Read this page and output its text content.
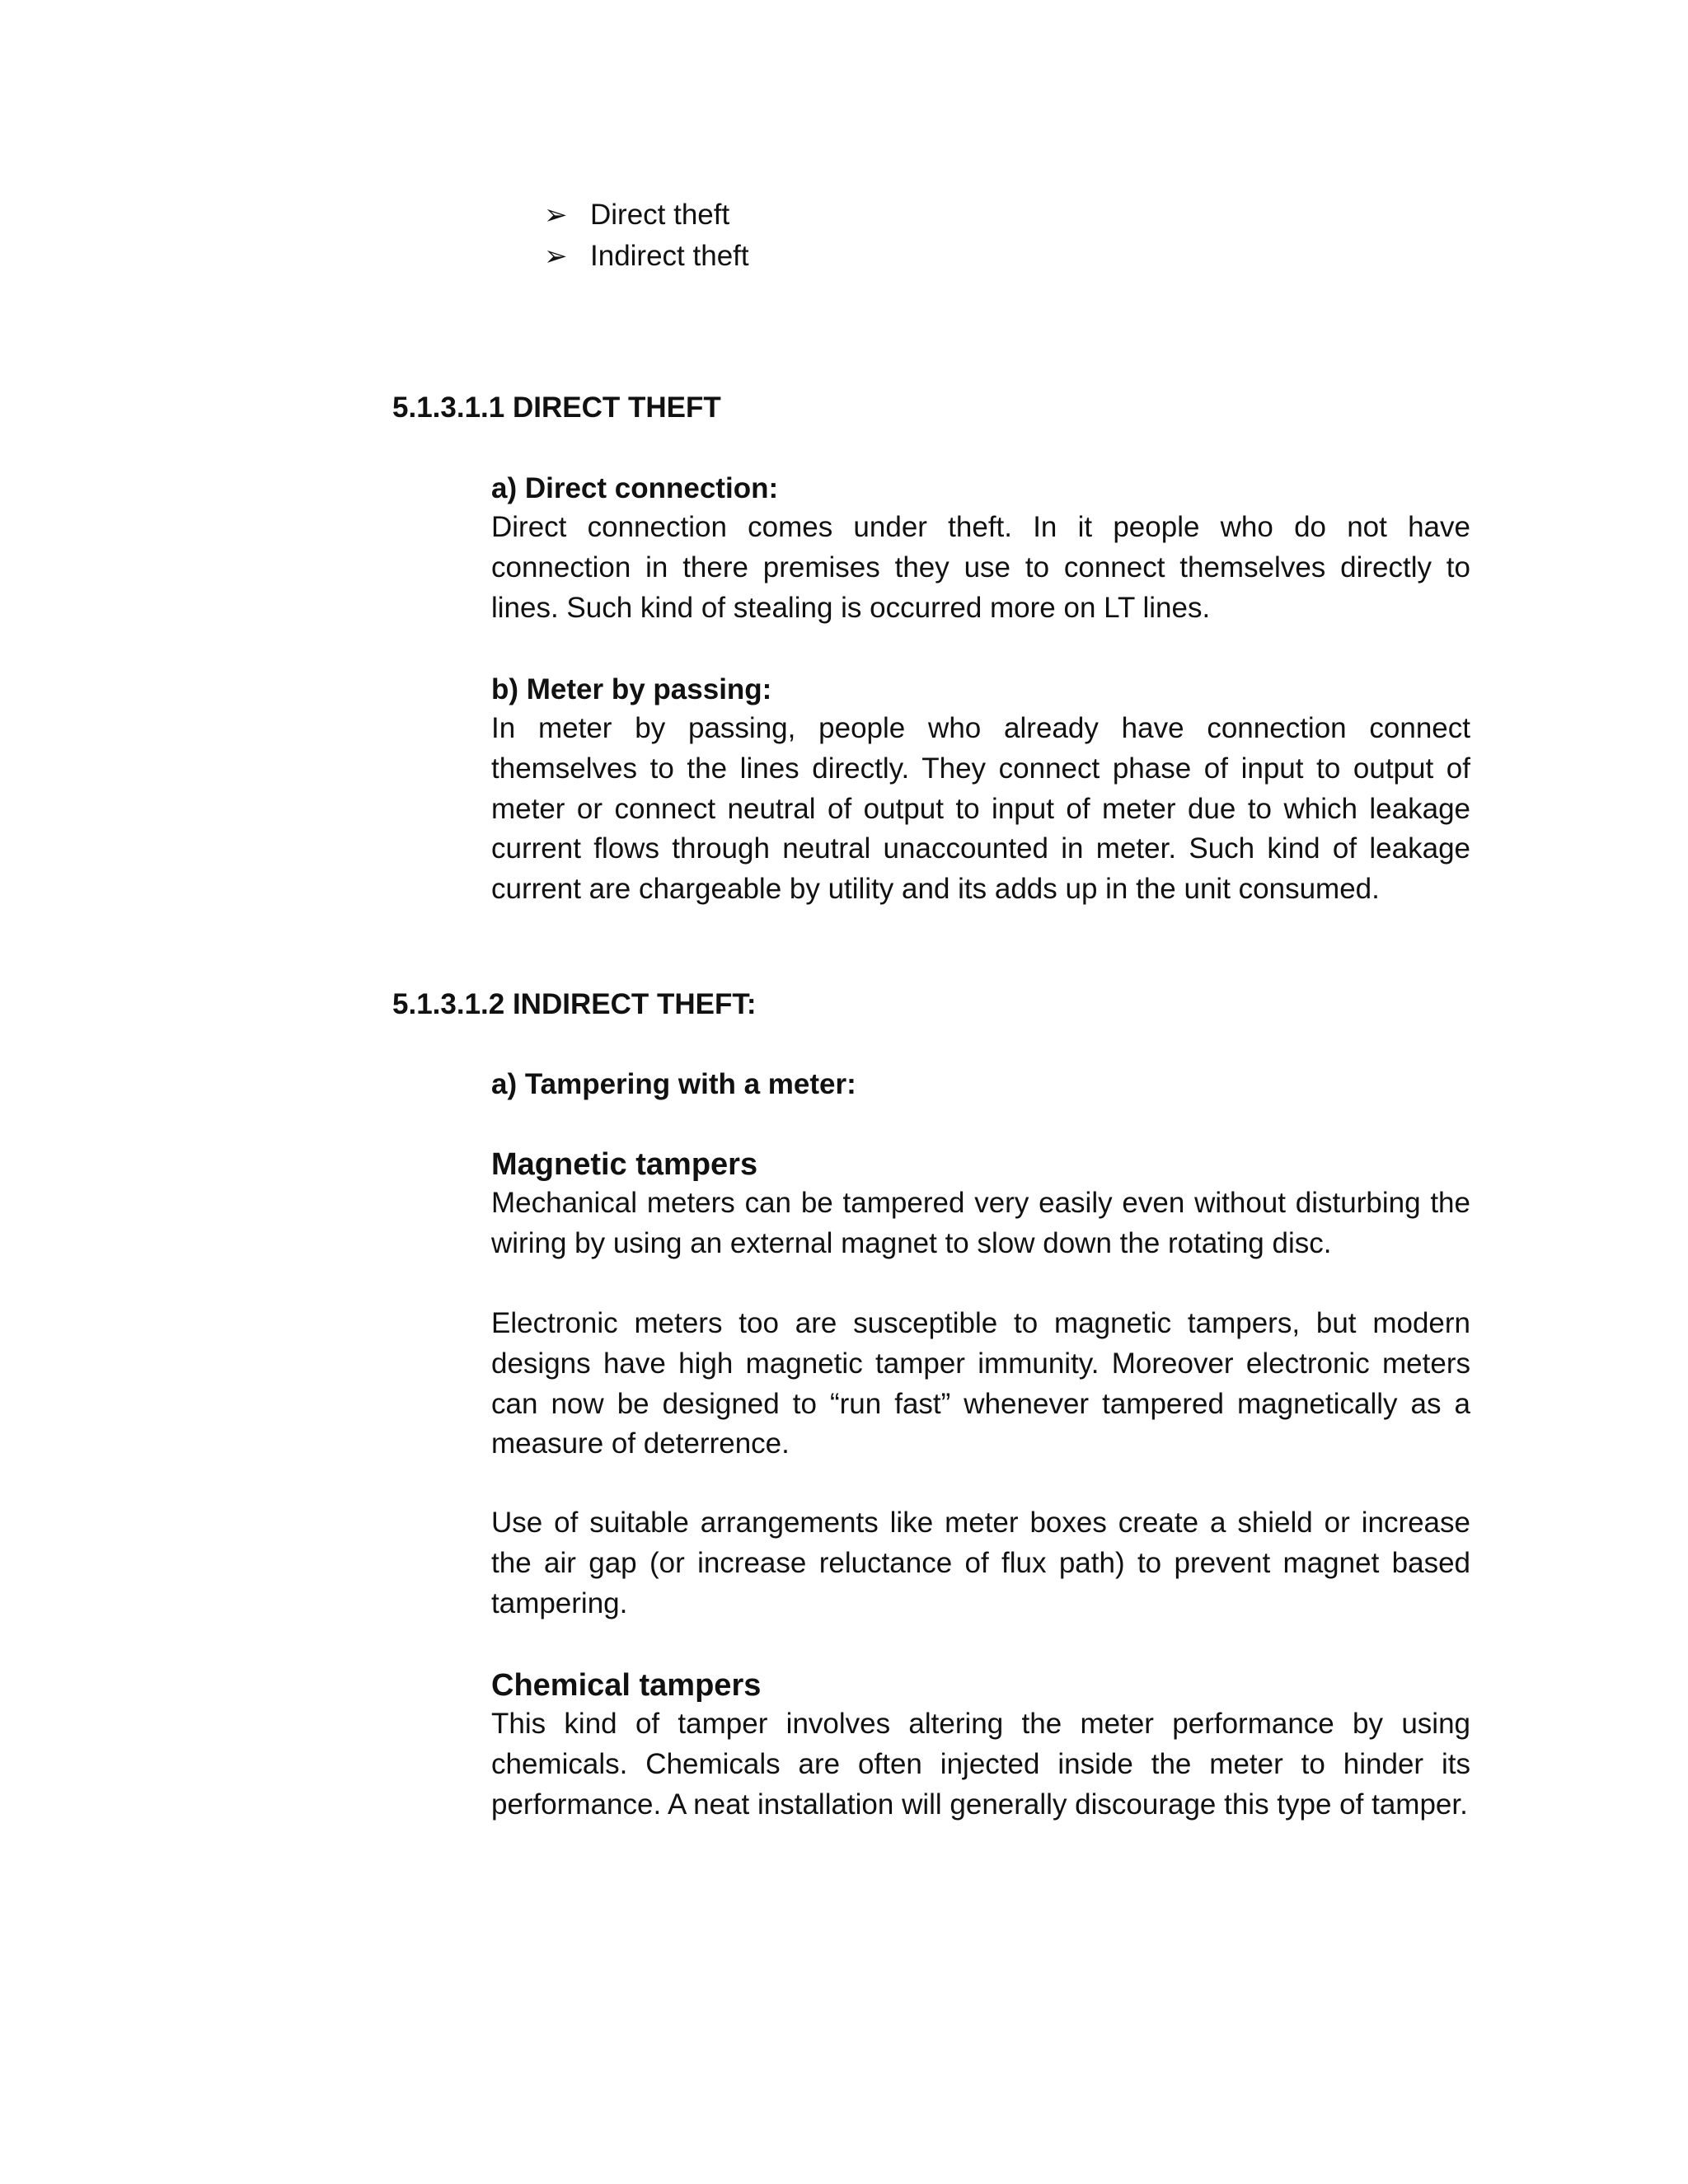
➢ Direct theft
➢ Indirect theft
5.1.3.1.1 DIRECT THEFT
a) Direct connection:

Direct connection comes under theft. In it people who do not have connection in there premises they use to connect themselves directly to lines. Such kind of stealing is occurred more on LT lines.

b) Meter by passing:

In meter by passing, people who already have connection connect themselves to the lines directly. They connect phase of input to output of meter or connect neutral of output to input of meter due to which leakage current flows through neutral unaccounted in meter. Such kind of leakage current are chargeable by utility and its adds up in the unit consumed.

5.1.3.1.2 INDIRECT THEFT:
a) Tampering with a meter:
Magnetic tampers

Mechanical meters can be tampered very easily even without disturbing the wiring by using an external magnet to slow down the rotating disc.

Electronic meters too are susceptible to magnetic tampers, but modern designs have high magnetic tamper immunity. Moreover electronic meters can now be designed to “run fast” whenever tampered magnetically as a measure of deterrence.

Use of suitable arrangements like meter boxes create a shield or increase the air gap (or increase reluctance of flux path) to prevent magnet based tampering.

Chemical tampers

This kind of tamper involves altering the meter performance by using chemicals. Chemicals are often injected inside the meter to hinder its performance. A neat installation will generally discourage this type of tamper.
